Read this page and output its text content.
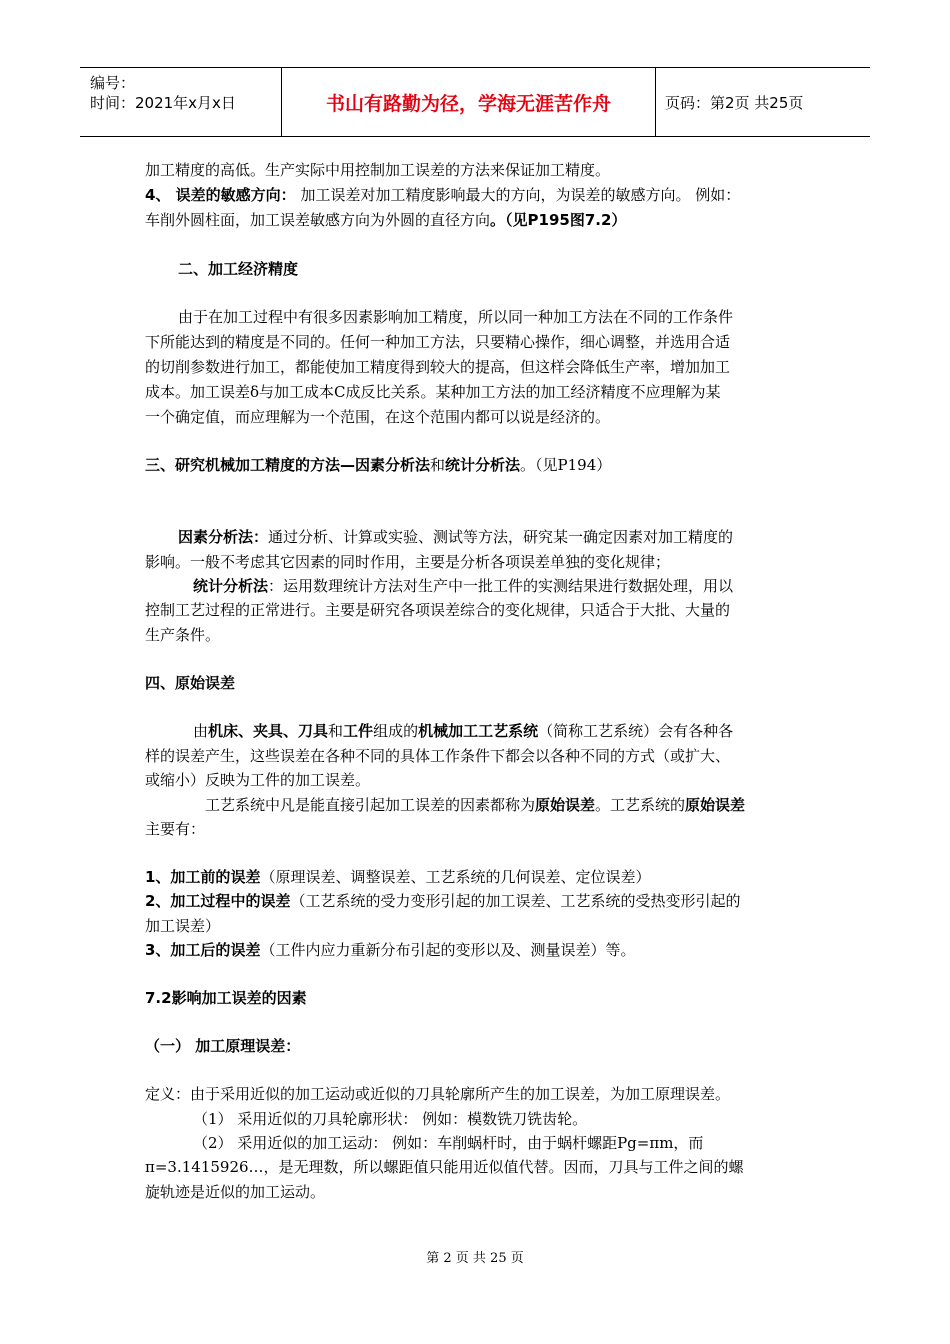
编号：
时间：2021年x月x日	书山有路勤为径，学海无涯苦作舟	页码：第2页 共25页
加工精度的高低。生产实际中用控制加工误差的方法来保证加工精度。
4、 误差的敏感方向： 加工误差对加工精度影响最大的方向，为误差的敏感方向。 例如：
车削外圆柱面，加工误差敏感方向为外圆的直径方向。（见P195图7.2）
二、加工经济精度
由于在加工过程中有很多因素影响加工精度，所以同一种加工方法在不同的工作条件
下所能达到的精度是不同的。任何一种加工方法，只要精心操作，细心调整，并选用合适
的切削参数进行加工，都能使加工精度得到较大的提高，但这样会降低生产率，增加加工
成本。加工误差δ与加工成本C成反比关系。某种加工方法的加工经济精度不应理解为某
一个确定值，而应理解为一个范围，在这个范围内都可以说是经济的。
三、研究机械加工精度的方法—因素分析法和统计分析法。（见P194）
因素分析法：通过分析、计算或实验、测试等方法，研究某一确定因素对加工精度的
影响。一般不考虑其它因素的同时作用，主要是分析各项误差单独的变化规律；
统计分析法：运用数理统计方法对生产中一批工件的实测结果进行数据处理，用以
控制工艺过程的正常进行。主要是研究各项误差综合的变化规律，只适合于大批、大量的
生产条件。
四、原始误差
由机床、夹具、刀具和工件组成的机械加工工艺系统（简称工艺系统）会有各种各
样的误差产生，这些误差在各种不同的具体工作条件下都会以各种不同的方式（或扩大、
或缩小）反映为工件的加工误差。
工艺系统中凡是能直接引起加工误差的因素都称为原始误差。工艺系统的原始误差
主要有：
1、加工前的误差（原理误差、调整误差、工艺系统的几何误差、定位误差）
2、加工过程中的误差（工艺系统的受力变形引起的加工误差、工艺系统的受热变形引起的
加工误差）
3、加工后的误差（工件内应力重新分布引起的变形以及、测量误差）等。
7.2影响加工误差的因素
（一） 加工原理误差：
定义：由于采用近似的加工运动或近似的刀具轮廓所产生的加工误差，为加工原理误差。
（1） 采用近似的刀具轮廓形状： 例如：模数铣刀铣齿轮。
（2） 采用近似的加工运动： 例如：车削蜗杆时，由于蜗杆螺距Pg=πm，而
π=3.1415926…，是无理数，所以螺距值只能用近似值代替。因而，刀具与工件之间的螺
旋轨迹是近似的加工运动。
第 2 页 共 25 页
